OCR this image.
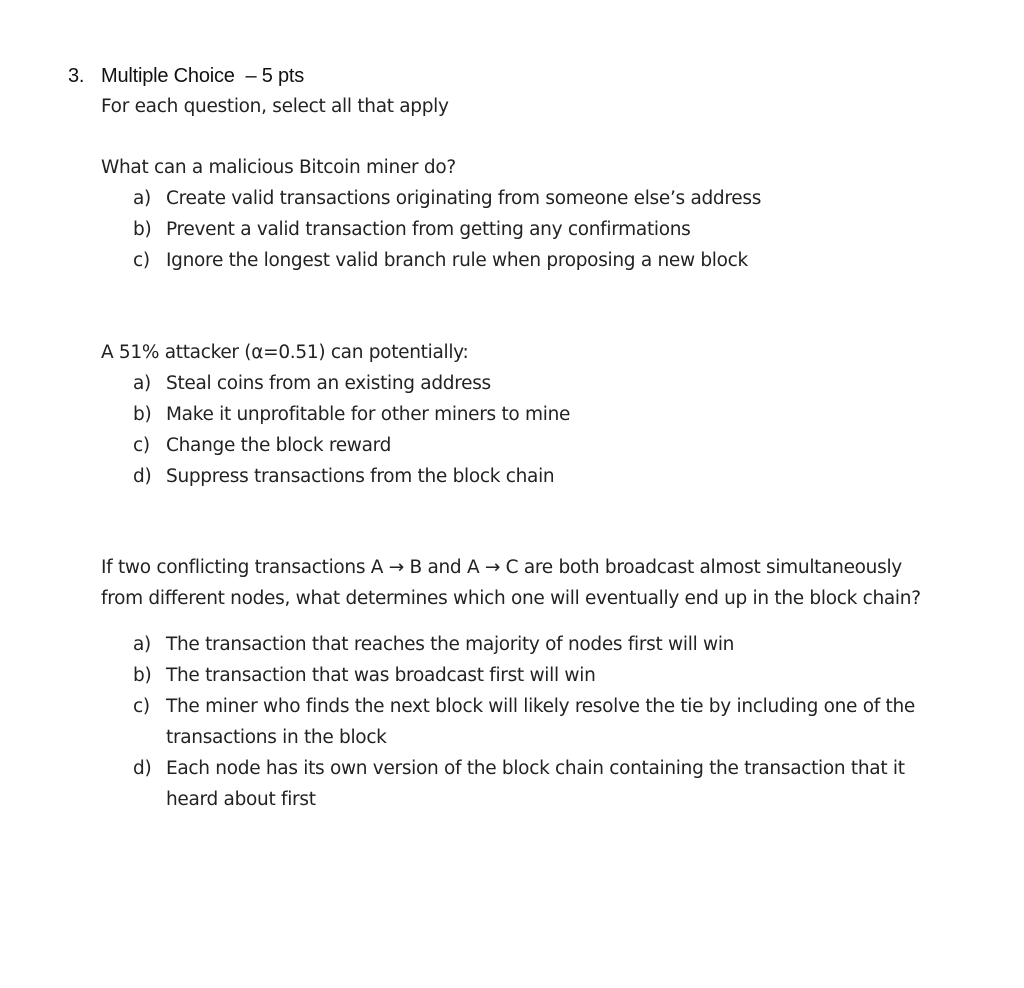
3. Multiple Choice – 5 pts
For each question, select all that apply

What can a malicious Bitcoin miner do?

a) Create valid transactions originating from someone else’s address
b) Prevent a valid transaction from getting any confirmations
c) Ignore the longest valid branch rule when proposing a new block

A 51% attacker (α=0.51) can potentially:

a) Steal coins from an existing address
b) Make it unprofitable for other miners to mine
c) Change the block reward
d) Suppress transactions from the block chain

If two conflicting transactions A → B and A → C are both broadcast almost simultaneously from different nodes, what determines which one will eventually end up in the block chain?

a) The transaction that reaches the majority of nodes first will win
b) The transaction that was broadcast first will win
c) The miner who finds the next block will likely resolve the tie by including one of the transactions in the block
d) Each node has its own version of the block chain containing the transaction that it heard about first
